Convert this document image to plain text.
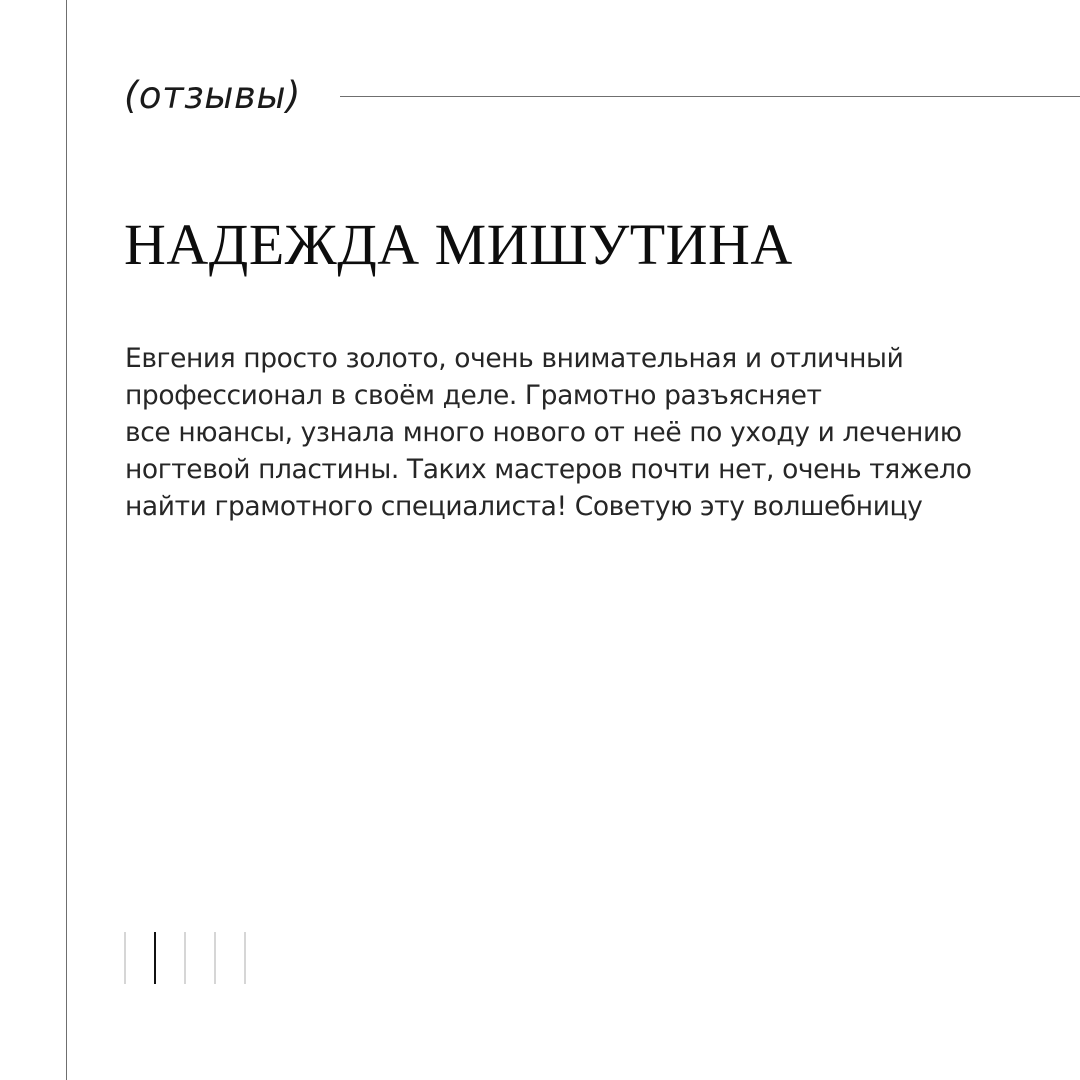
(отзывы)
НАДЕЖДА МИШУТИНА

Евгения просто золото, очень внимательная и отличный
профессионал в своём деле. Грамотно разъясняет
все нюансы, узнала много нового от неё по уходу и лечению
ногтевой пластины. Таких мастеров почти нет, очень тяжело
найти грамотного специалиста! Советую эту волшебницу
